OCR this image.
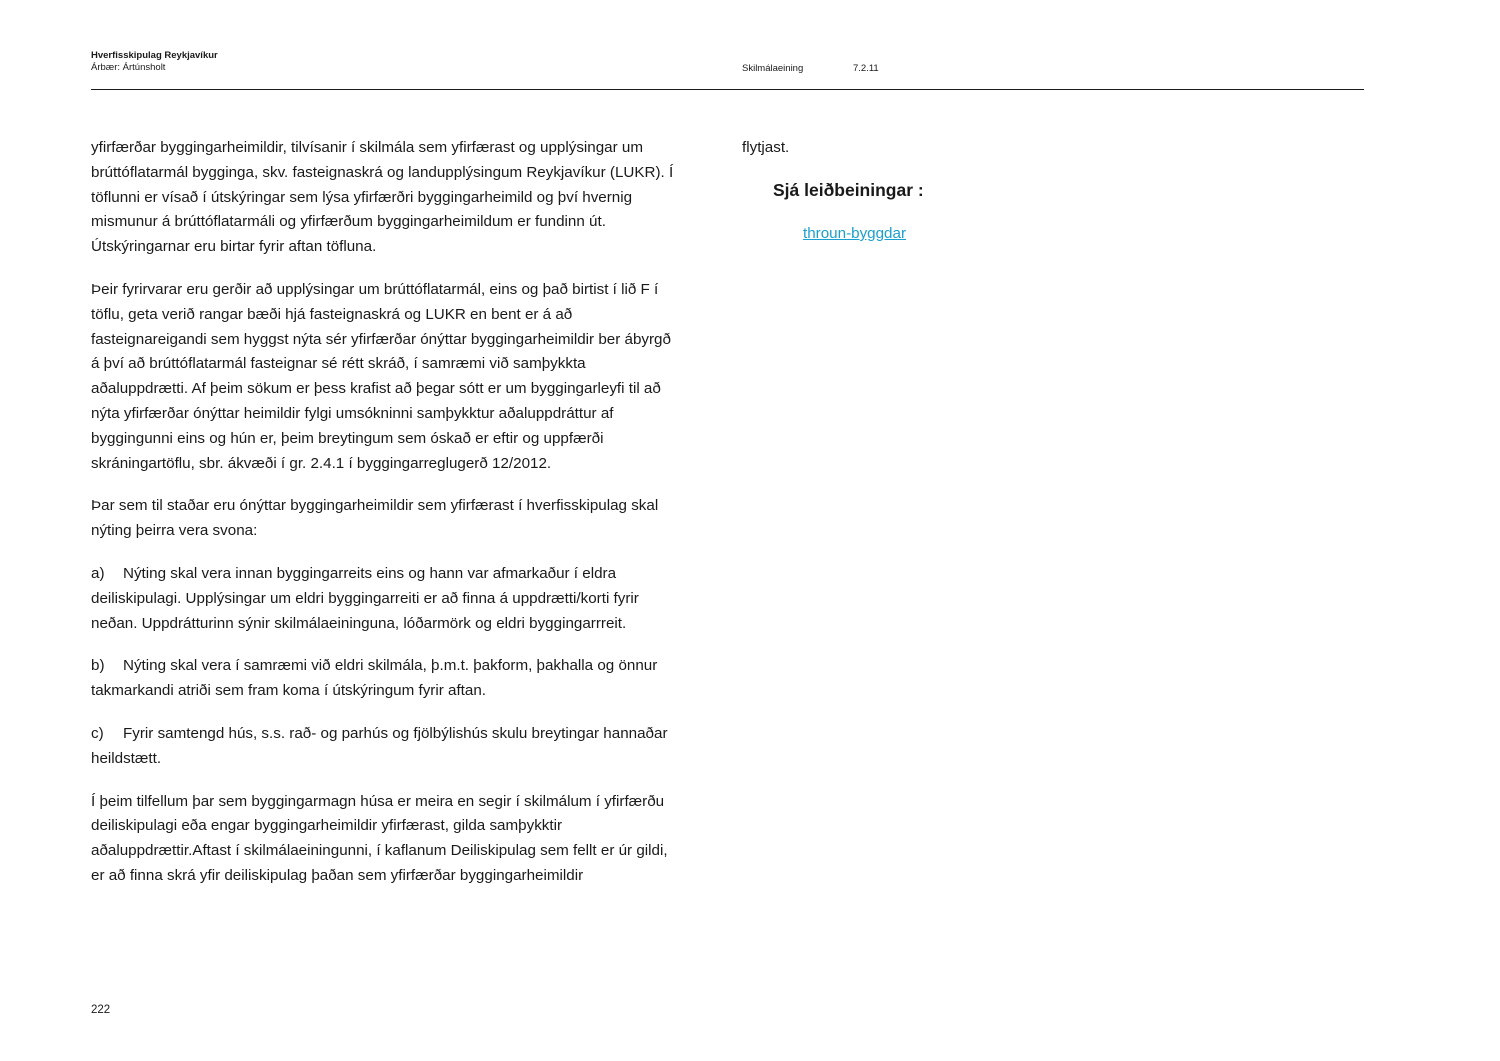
Hverfisskipulag Reykjavíkur
Árbær: Ártúnsholt	Skilmálaeining	7.2.11

yfirfærðar byggingarheimildir, tilvísanir í skilmála sem yfirfærast og upplýsingar um brúttóflatarmál bygginga, skv. fasteignaskrá og landupplýsingum Reykjavíkur (LUKR). Í töflunni er vísað í útskýringar sem lýsa yfirfærðri byggingarheimild og því hvernig mismunur á brúttóflatarmáli og yfirfærðum byggingarheimildum er fundinn út. Útskýringarnar eru birtar fyrir aftan töfluna.

Þeir fyrirvarar eru gerðir að upplýsingar um brúttóflatarmál, eins og það birtist í lið F í töflu, geta verið rangar bæði hjá fasteignaskrá og LUKR en bent er á að fasteignareigandi sem hyggst nýta sér yfirfærðar ónýttar byggingarheimildir ber ábyrgð á því að brúttóflatarmál fasteignar sé rétt skráð, í samræmi við samþykkta aðaluppdrætti. Af þeim sökum er þess krafist að þegar sótt er um byggingarleyfi til að nýta yfirfærðar ónýttar heimildir fylgi umsókninni samþykktur aðaluppdráttur af byggingunni eins og hún er, þeim breytingum sem óskað er eftir og uppfærði skráningartöflu, sbr. ákvæði í gr. 2.4.1 í byggingarreglugerð 12/2012.

Þar sem til staðar eru ónýttar byggingarheimildir sem yfirfærast í hverfisskipulag skal nýting þeirra vera svona:

a) Nýting skal vera innan byggingarreits eins og hann var afmarkaður í eldra deiliskipulagi. Upplýsingar um eldri byggingarreiti er að finna á uppdrætti/korti fyrir neðan. Uppdrátturinn sýnir skilmálaeininguna, lóðarmörk og eldri byggingarrreit.

b) Nýting skal vera í samræmi við eldri skilmála, þ.m.t. þakform, þakhalla og önnur takmarkandi atriði sem fram koma í útskýringum fyrir aftan.

c) Fyrir samtengd hús, s.s. rað- og parhús og fjölbýlishús skulu breytingar hannaðar heildstætt.

Í þeim tilfellum þar sem byggingarmagn húsa er meira en segir í skilmálum í yfirfærðu deiliskipulagi eða engar byggingarheimildir yfirfærast, gilda samþykktir aðaluppdrættir.Aftast í skilmálaeiningunni, í kaflanum Deiliskipulag sem fellt er úr gildi, er að finna skrá yfir deiliskipulag þaðan sem yfirfærðar byggingarheimildir

flytjast.

Sjá leiðbeiningar :
throun-byggdar
222
